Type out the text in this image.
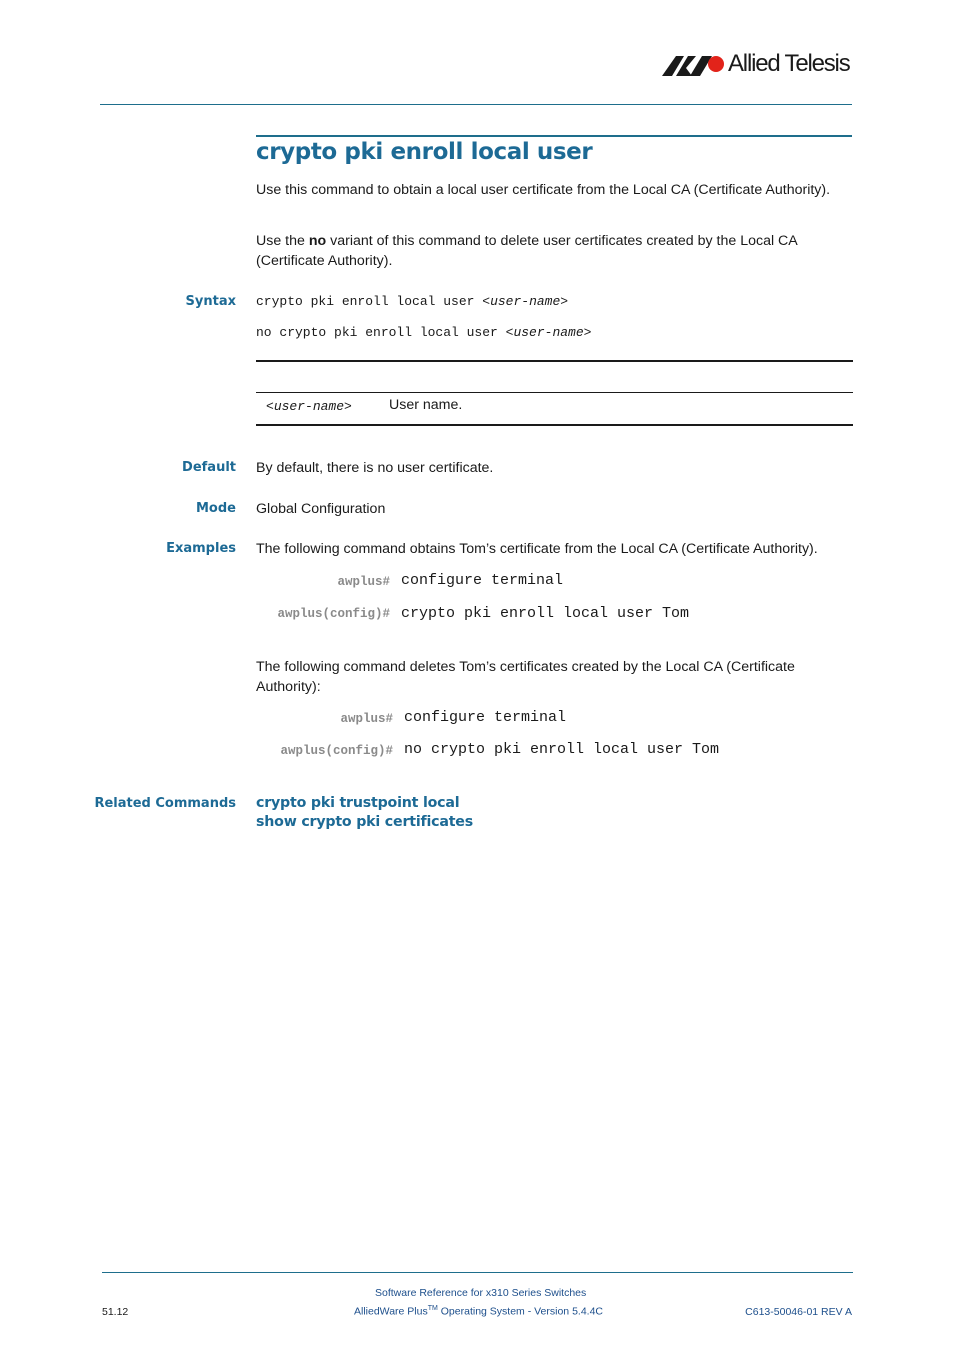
Allied Telesis
crypto pki enroll local user
Use this command to obtain a local user certificate from the Local CA (Certificate Authority).
Use the no variant of this command to delete user certificates created by the Local CA (Certificate Authority).
Syntax crypto pki enroll local user <user-name>
no crypto pki enroll local user <user-name>
<user-name>	User name.
Default By default, there is no user certificate.
Mode Global Configuration
Examples The following command obtains Tom’s certificate from the Local CA (Certificate Authority).
awplus# configure terminal
awplus(config)# crypto pki enroll local user Tom
The following command deletes Tom’s certificates created by the Local CA (Certificate Authority):
awplus# configure terminal
awplus(config)# no crypto pki enroll local user Tom
Related Commands crypto pki trustpoint local
show crypto pki certificates
Software Reference for x310 Series Switches
51.12	AlliedWare Plus™ Operating System - Version 5.4.4C	C613-50046-01 REV A
